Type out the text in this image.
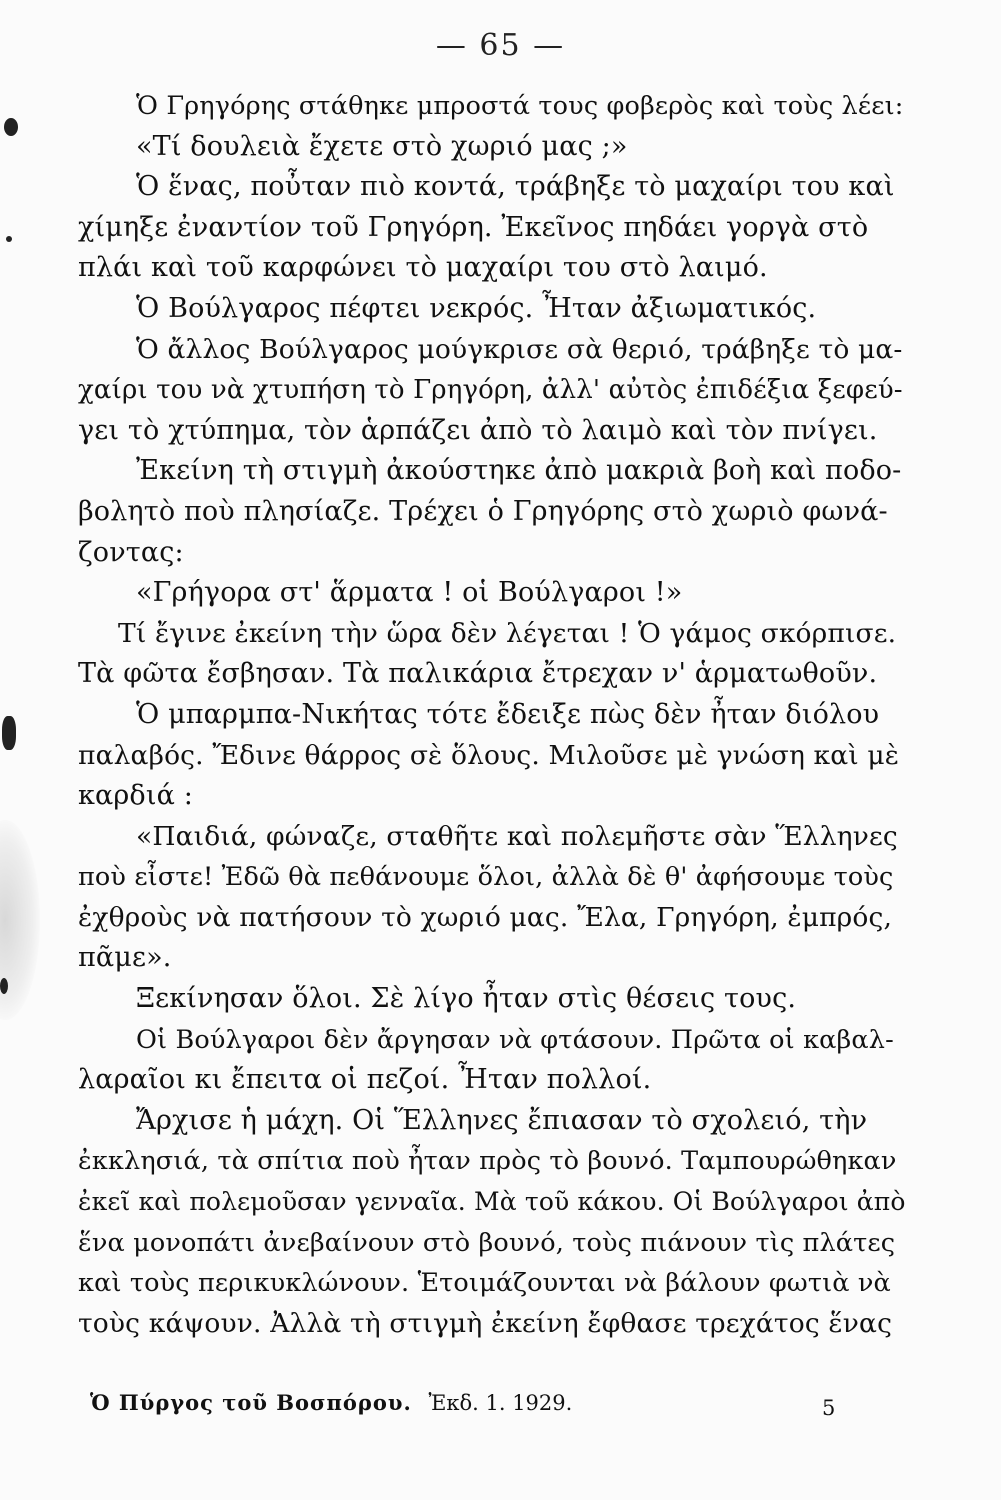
— 65 —
Ὁ Γρηγόρης στάθηκε μπροστά τους φοβερὸς καὶ τοὺς λέει:
«Τί δουλειὰ ἔχετε στὸ χωριό μας ;»
Ὁ ἕνας, ποὖταν πιὸ κοντά, τράβηξε τὸ μαχαίρι του καὶ
χίμηξε ἐναντίον τοῦ Γρηγόρη. Ἐκεῖνος πηδάει γοργὰ στὸ
πλάι καὶ τοῦ καρφώνει τὸ μαχαίρι του στὸ λαιμό.
Ὁ Βούλγαρος πέφτει νεκρός. Ἦταν ἀξιωματικός.
Ὁ ἄλλος Βούλγαρος μούγκρισε σὰ θεριό, τράβηξε τὸ μα-
χαίρι του νὰ χτυπήση τὸ Γρηγόρη, ἀλλ' αὐτὸς ἐπιδέξια ξεφεύ-
γει τὸ χτύπημα, τὸν ἁρπάζει ἀπὸ τὸ λαιμὸ καὶ τὸν πνίγει.
Ἐκείνη τὴ στιγμὴ ἀκούστηκε ἀπὸ μακριὰ βοὴ καὶ ποδο-
βολητὸ ποὺ πλησίαζε. Τρέχει ὁ Γρηγόρης στὸ χωριὸ φωνά-
ζοντας:
«Γρήγορα στ' ἅρματα ! οἱ Βούλγαροι !»
Τί ἔγινε ἐκείνη τὴν ὥρα δὲν λέγεται ! Ὁ γάμος σκόρπισε.
Τὰ φῶτα ἔσβησαν. Τὰ παλικάρια ἔτρεχαν ν' ἁρματωθοῦν.
Ὁ μπαρμπα-Νικήτας τότε ἔδειξε πὼς δὲν ἦταν διόλου
παλαβός. Ἔδινε θάρρος σὲ ὅλους. Μιλοῦσε μὲ γνώση καὶ μὲ
καρδιά :
«Παιδιά, φώναζε, σταθῆτε καὶ πολεμῆστε σὰν Ἕλληνες
ποὺ εἶστε! Ἐδῶ θὰ πεθάνουμε ὅλοι, ἀλλὰ δὲ θ' ἀφήσουμε τοὺς
ἐχθροὺς νὰ πατήσουν τὸ χωριό μας. Ἔλα, Γρηγόρη, ἐμπρός,
πᾶμε».
Ξεκίνησαν ὅλοι. Σὲ λίγο ἦταν στὶς θέσεις τους.
Οἱ Βούλγαροι δὲν ἄργησαν νὰ φτάσουν. Πρῶτα οἱ καβαλ-
λαραῖοι κι ἔπειτα οἱ πεζοί. Ἦταν πολλοί.
Ἄρχισε ἡ μάχη. Οἱ Ἕλληνες ἔπιασαν τὸ σχολειό, τὴν
ἐκκλησιά, τὰ σπίτια ποὺ ἦταν πρὸς τὸ βουνό. Ταμπουρώθηκαν
ἐκεῖ καὶ πολεμοῦσαν γενναῖα. Μὰ τοῦ κάκου. Οἱ Βούλγαροι ἀπὸ
ἕνα μονοπάτι ἀνεβαίνουν στὸ βουνό, τοὺς πιάνουν τὶς πλάτες
καὶ τοὺς περικυκλώνουν. Ἑτοιμάζουνται νὰ βάλουν φωτιὰ νὰ
τοὺς κάψουν. Ἀλλὰ τὴ στιγμὴ ἐκείνη ἔφθασε τρεχάτος ἕνας
Ὁ Πύργος τοῦ Βοσπόρου. Ἐκδ. 1. 1929.	5
